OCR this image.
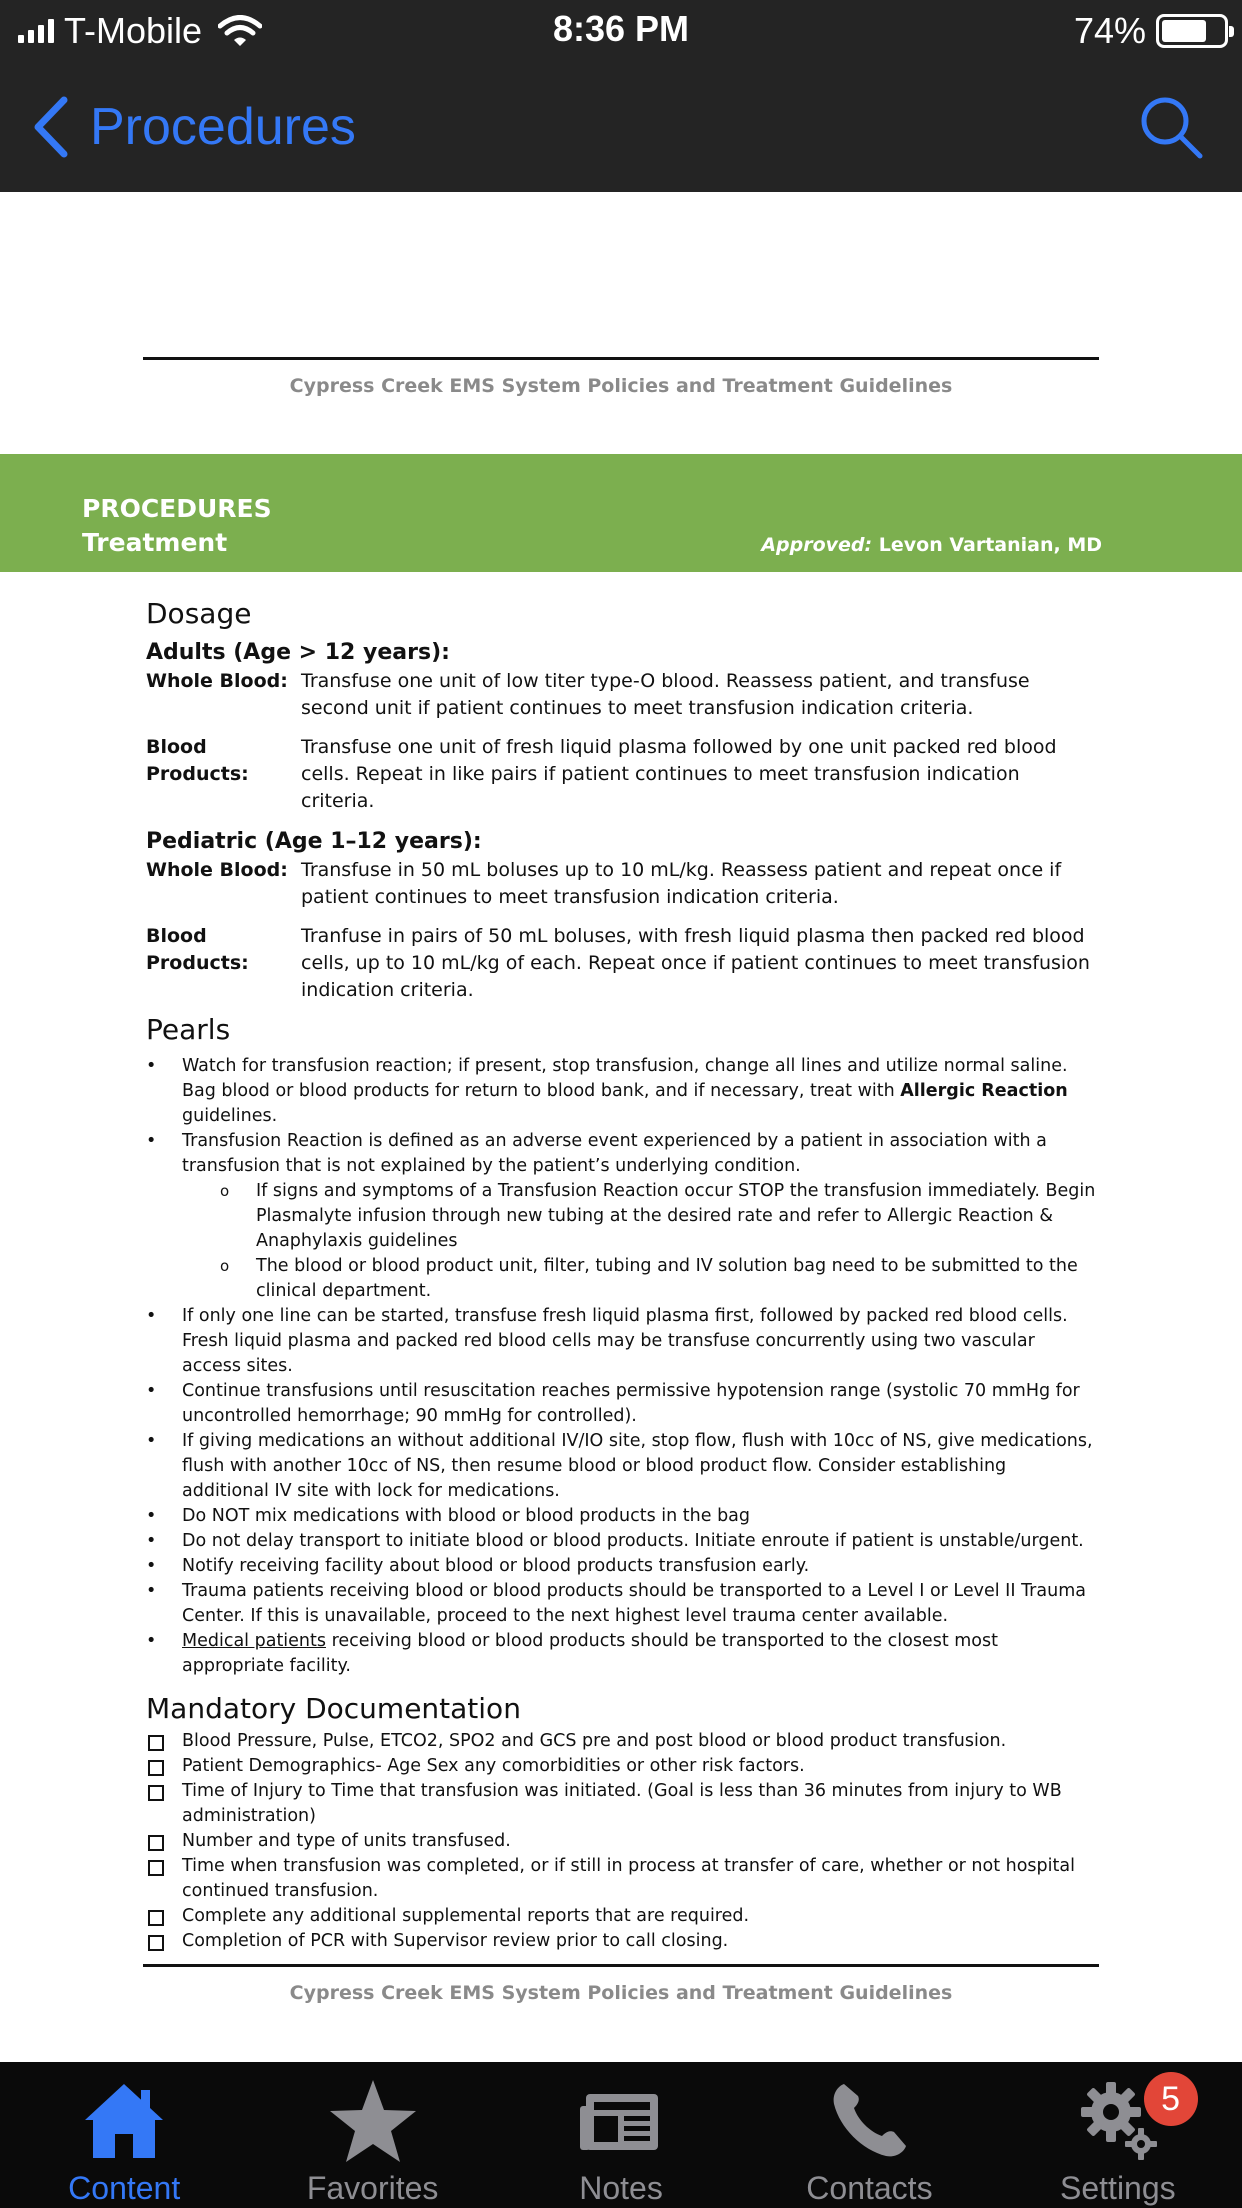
T-Mobile	8:36 PM	74%
Procedures
Cypress Creek EMS System Policies and Treatment Guidelines
PROCEDURES
Treatment	Approved: Levon Vartanian, MD
Dosage
Adults (Age > 12 years):
Whole Blood: Transfuse one unit of low titer type-O blood. Reassess patient, and transfuse second unit if patient continues to meet transfusion indication criteria.
Blood Products:
Transfuse one unit of fresh liquid plasma followed by one unit packed red blood cells. Repeat in like pairs if patient continues to meet transfusion indication criteria.
Pediatric (Age 1–12 years):
Whole Blood: Transfuse in 50 mL boluses up to 10 mL/kg. Reassess patient and repeat once if patient continues to meet transfusion indication criteria.
Blood Products:
Tranfuse in pairs of 50 mL boluses, with fresh liquid plasma then packed red blood cells, up to 10 mL/kg of each. Repeat once if patient continues to meet transfusion indication criteria.
Pearls
• Watch for transfusion reaction; if present, stop transfusion, change all lines and utilize normal saline. Bag blood or blood products for return to blood bank, and if necessary, treat with Allergic Reaction guidelines.
• Transfusion Reaction is defined as an adverse event experienced by a patient in association with a transfusion that is not explained by the patient’s underlying condition.
o If signs and symptoms of a Transfusion Reaction occur STOP the transfusion immediately. Begin Plasmalyte infusion through new tubing at the desired rate and refer to Allergic Reaction & Anaphylaxis guidelines
o The blood or blood product unit, filter, tubing and IV solution bag need to be submitted to the clinical department.
• If only one line can be started, transfuse fresh liquid plasma first, followed by packed red blood cells. Fresh liquid plasma and packed red blood cells may be transfuse concurrently using two vascular access sites.
• Continue transfusions until resuscitation reaches permissive hypotension range (systolic 70 mmHg for uncontrolled hemorrhage; 90 mmHg for controlled).
• If giving medications an without additional IV/IO site, stop flow, flush with 10cc of NS, give medications, flush with another 10cc of NS, then resume blood or blood product flow. Consider establishing additional IV site with lock for medications.
• Do NOT mix medications with blood or blood products in the bag
• Do not delay transport to initiate blood or blood products. Initiate enroute if patient is unstable/urgent.
• Notify receiving facility about blood or blood products transfusion early.
• Trauma patients receiving blood or blood products should be transported to a Level I or Level II Trauma Center. If this is unavailable, proceed to the next highest level trauma center available.
• Medical patients receiving blood or blood products should be transported to the closest most appropriate facility.
Mandatory Documentation
Blood Pressure, Pulse, ETCO2, SPO2 and GCS pre and post blood or blood product transfusion.
Patient Demographics- Age Sex any comorbidities or other risk factors.
Time of Injury to Time that transfusion was initiated. (Goal is less than 36 minutes from injury to WB administration)
Number and type of units transfused.
Time when transfusion was completed, or if still in process at transfer of care, whether or not hospital continued transfusion.
Complete any additional supplemental reports that are required.
Completion of PCR with Supervisor review prior to call closing.
Cypress Creek EMS System Policies and Treatment Guidelines
Content	Favorites	Notes	Contacts	Settings
5
